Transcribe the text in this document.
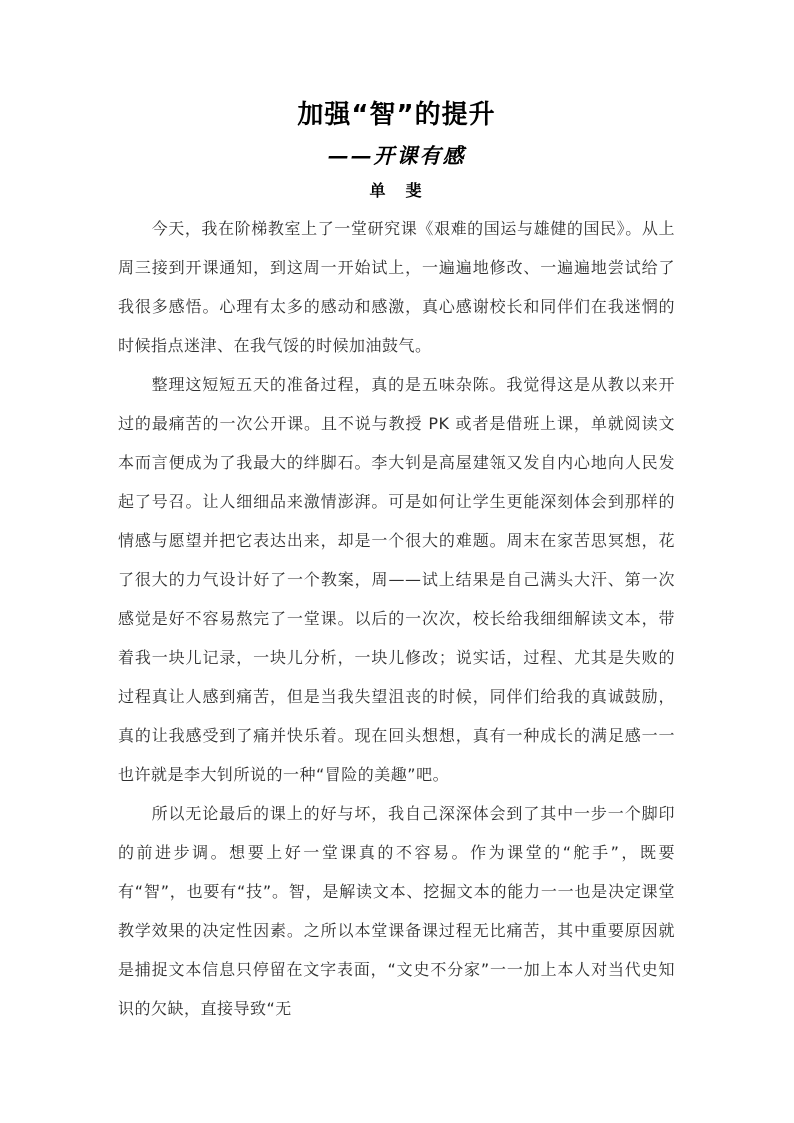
加强“智”的提升
——开课有感
单　斐

今天，我在阶梯教室上了一堂研究课《艰难的国运与雄健的国民》。从上周三接到开课通知，到这周一开始试上，一遍遍地修改、一遍遍地尝试给了我很多感悟。心理有太多的感动和感激，真心感谢校长和同伴们在我迷惘的时候指点迷津、在我气馁的时候加油鼓气。

整理这短短五天的准备过程，真的是五味杂陈。我觉得这是从教以来开过的最痛苦的一次公开课。且不说与教授 PK 或者是借班上课，单就阅读文本而言便成为了我最大的绊脚石。李大钊是高屋建瓴又发自内心地向人民发起了号召。让人细细品来激情澎湃。可是如何让学生更能深刻体会到那样的情感与愿望并把它表达出来，却是一个很大的难题。周末在家苦思冥想，花了很大的力气设计好了一个教案，周——试上结果是自己满头大汗、第一次感觉是好不容易熬完了一堂课。以后的一次次，校长给我细细解读文本，带着我一块儿记录，一块儿分析，一块儿修改；说实话，过程、尤其是失败的过程真让人感到痛苦，但是当我失望沮丧的时候，同伴们给我的真诚鼓励，真的让我感受到了痛并快乐着。现在回头想想，真有一种成长的满足感一一也许就是李大钊所说的一种“冒险的美趣”吧。

所以无论最后的课上的好与坏，我自己深深体会到了其中一步一个脚印的前进步调。想要上好一堂课真的不容易。作为课堂的“舵手”，既要有“智”，也要有“技”。智，是解读文本、挖掘文本的能力一一也是决定课堂教学效果的决定性因素。之所以本堂课备课过程无比痛苦，其中重要原因就是捕捉文本信息只停留在文字表面，“文史不分家”一一加上本人对当代史知识的欠缺，直接导致“无
